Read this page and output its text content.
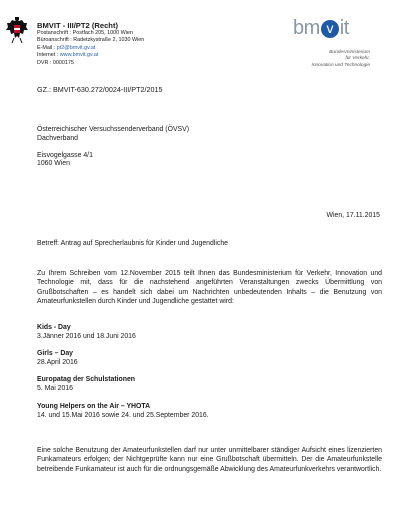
BMVIT - III/PT2 (Recht)
Postanschrift : Postfach 205, 1000 Wien
Büroanschrift : Radetzkystraße 2, 1030 Wien
E-Mail : pt2@bmvit.gv.at
Internet : www.bmvit.gv.at
DVR : 0000175
bm v it
Bundesministerium
für Verkehr,
Innovation und Technologie
GZ.: BMVIT-630.272/0024-III/PT2/2015
Österreichischer Versuchssenderverband (ÖVSV)
Dachverband
Eisvogelgasse 4/1
1060 Wien
Wien, 17.11.2015
Betreff: Antrag auf Sprecherlaubnis für Kinder und Jugendliche
Zu Ihrem Schreiben vom 12.November 2015 teilt Ihnen das Bundesministerium für Verkehr, Innovation und Technologie mit, dass für die nachstehend angeführten Veranstaltungen zwecks Übermittlung von Grußbotschaften – es handelt sich dabei um Nachrichten unbedeutenden Inhalts – die Benutzung von Amateurfunkstellen durch Kinder und Jugendliche gestattet wird:
Kids - Day
3.Jänner 2016 und 18.Juni 2016
Girls – Day
28.April 2016
Europatag der Schulstationen
5. Mai 2016
Young Helpers on the Air – YHOTA
14. und 15.Mai 2016 sowie 24. und 25.September 2016.
Eine solche Benutzung der Amateurfunkstellen darf nur unter unmittelbarer ständiger Aufsicht eines lizenzierten Funkamateurs erfolgen; der Nichtgeprüfte kann nur eine Grußbotschaft übermitteln. Der die Amateurfunkstelle betreibende Funkamateur ist auch für die ordnungsgemäße Abwicklung des Amateurfunkverkehrs verantwortlich.
